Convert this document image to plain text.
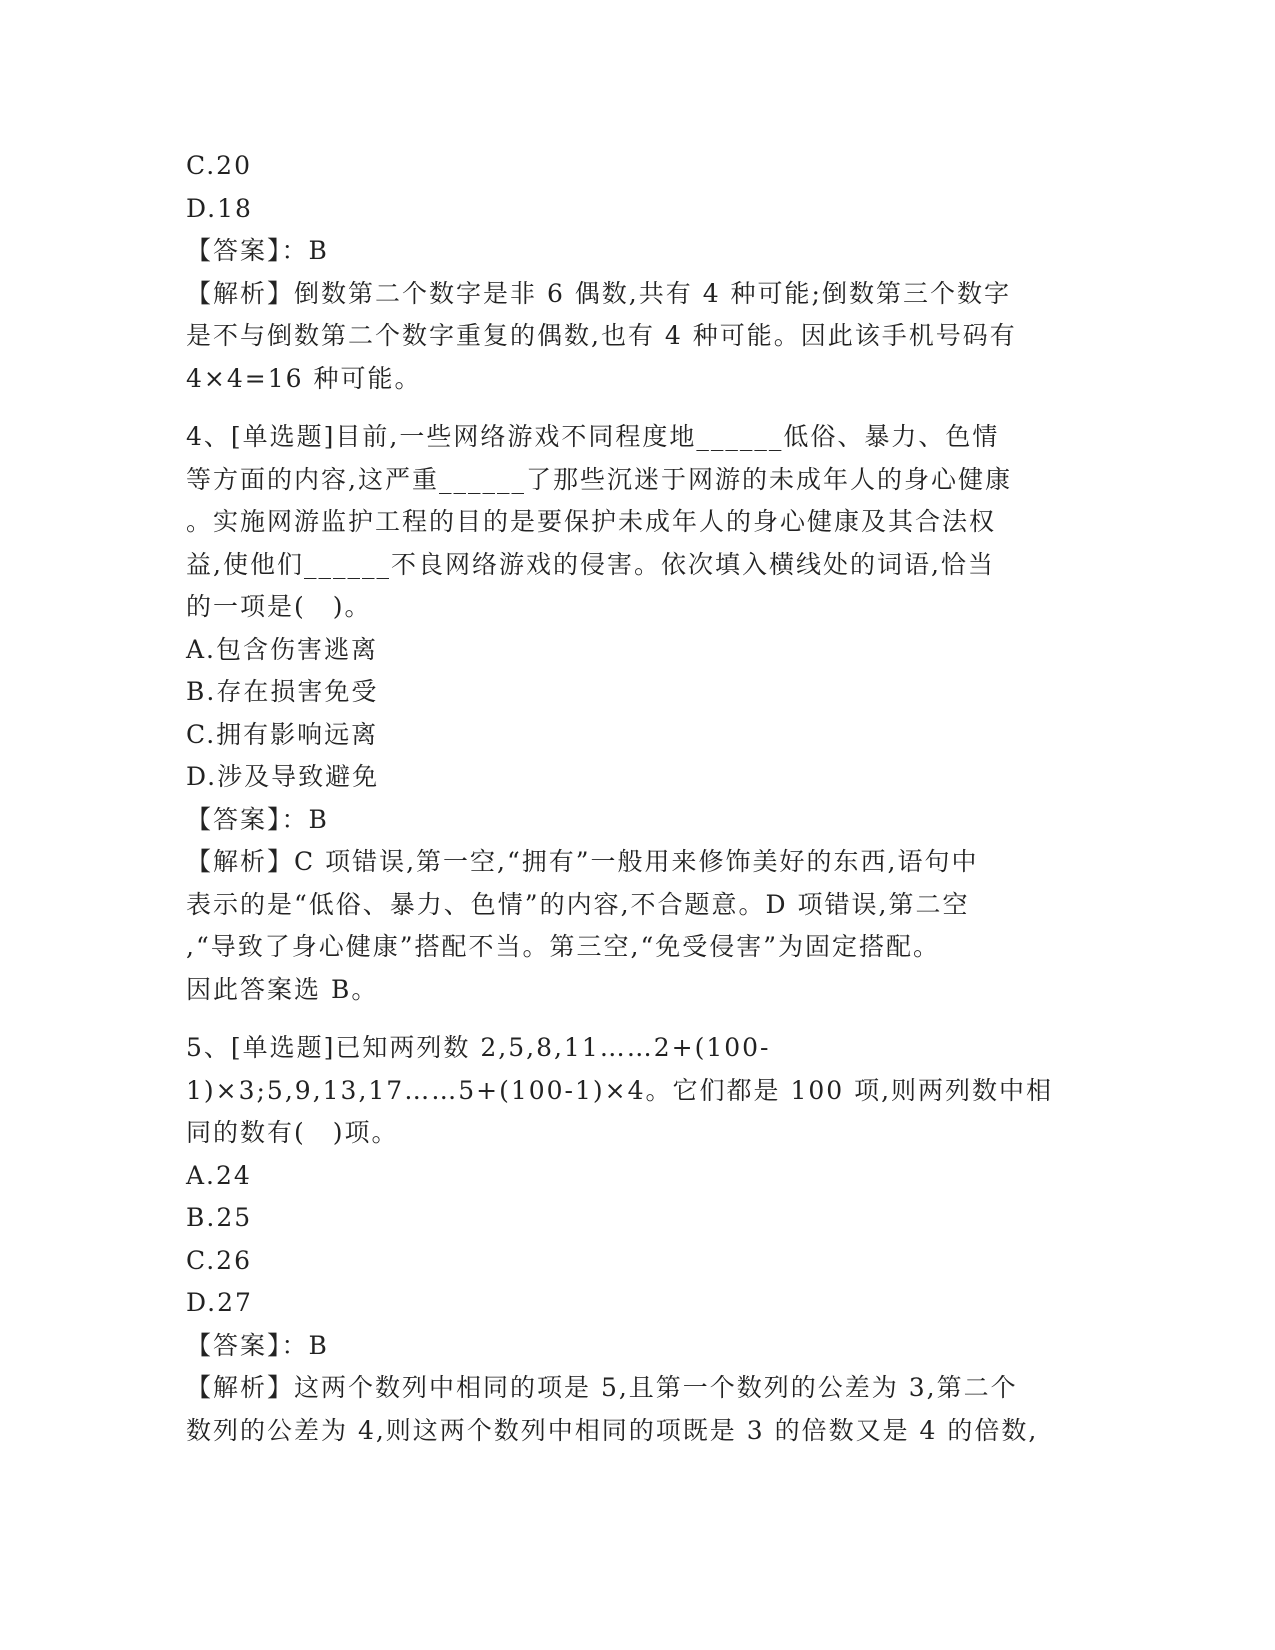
C.20
D.18
【答案】：B
【解析】倒数第二个数字是非 6 偶数,共有 4 种可能;倒数第三个数字
是不与倒数第二个数字重复的偶数,也有 4 种可能。因此该手机号码有
4×4=16 种可能。
4、[单选题]目前,一些网络游戏不同程度地______低俗、暴力、色情
等方面的内容,这严重______了那些沉迷于网游的未成年人的身心健康
。实施网游监护工程的目的是要保护未成年人的身心健康及其合法权
益,使他们______不良网络游戏的侵害。依次填入横线处的词语,恰当
的一项是(　)。
A.包含伤害逃离
B.存在损害免受
C.拥有影响远离
D.涉及导致避免
【答案】：B
【解析】C 项错误,第一空,“拥有”一般用来修饰美好的东西,语句中
表示的是“低俗、暴力、色情”的内容,不合题意。D 项错误,第二空
,“导致了身心健康”搭配不当。第三空,“免受侵害”为固定搭配。
因此答案选 B。
5、[单选题]已知两列数 2,5,8,11……2+(100-
1)×3;5,9,13,17……5+(100-1)×4。它们都是 100 项,则两列数中相
同的数有(　)项。
A.24
B.25
C.26
D.27
【答案】：B
【解析】这两个数列中相同的项是 5,且第一个数列的公差为 3,第二个
数列的公差为 4,则这两个数列中相同的项既是 3 的倍数又是 4 的倍数,
